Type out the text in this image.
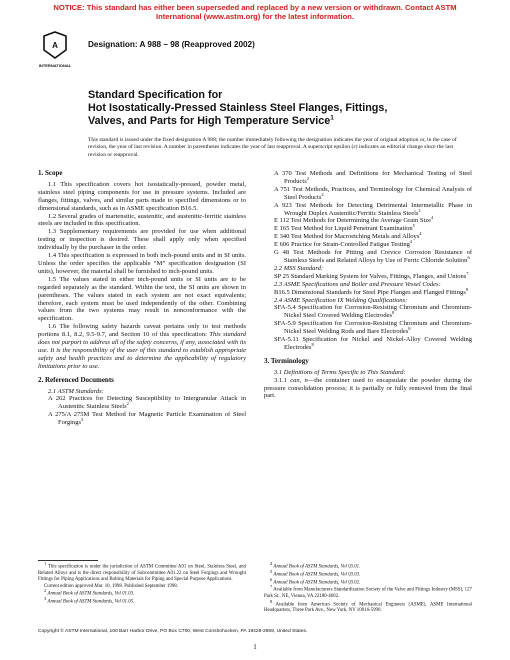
NOTICE: This standard has either been superseded and replaced by a new version or withdrawn. Contact ASTM
International (www.astm.org) for the latest information.
A
INTERNATIONAL
Designation: A 988 – 98 (Reapproved 2002)
Standard Specification for
Hot Isostatically-Pressed Stainless Steel Flanges, Fittings,
Valves, and Parts for High Temperature Service$^1$
This standard is issued under the fixed designation A 988; the number immediately following the designation indicates the year of original adoption or, in the case of revision, the year of last revision. A number in parentheses indicates the year of last reapproval. A superscript epsilon (ε) indicates an editorial change since the last revision or reapproval.

1. Scope

1.1 This specification covers hot isostatically-pressed, powder metal, stainless steel piping components for use in pressure systems. Included are flanges, fittings, valves, and similar parts made to specified dimensions or to dimensional standards, such as in ASME specification B16.5.

1.2 Several grades of martensitic, austenitic, and austenitic-ferritic stainless steels are included in this specification.

1.3 Supplementary requirements are provided for use when additional testing or inspection is desired. These shall apply only when specified individually by the purchaser in the order.

1.4 This specification is expressed in both inch-pound units and in SI units. Unless the order specifies the applicable “M” specification designation (SI units), however, the material shall be furnished to inch-pound units.

1.5 The values stated in either inch-pound units or SI units are to be regarded separately as the standard. Within the text, the SI units are shown in parentheses. The values stated in each system are not exact equivalents; therefore, each system must be used independently of the other. Combining values from the two systems may result in nonconformance with the specification.

1.6 The following safety hazards caveat pertains only to test methods portions 8.1, 8.2, 9.5-9.7, and Section 10 of this specification: This standard does not purport to address all of the safety concerns, if any, associated with its use. It is the responsibility of the user of this standard to establish appropriate safety and health practices and to determine the applicability of regulatory limitations prior to use.

2. Referenced Documents

2.1 ASTM Standards:

A 262 Practices for Detecting Susceptibility to Intergranular Attack in Austenitic Stainless Steels$^2$

A 275/A 275M Test Method for Magnetic Particle Examination of Steel Forgings$^3$

A 370 Test Methods and Definitions for Mechanical Testing of Steel Products$^2$

A 751 Test Methods, Practices, and Terminology for Chemical Analysis of Steel Products$^2$

A 923 Test Methods for Detecting Detrimental Intermetallic Phase in Wrought Duplex Austenitic/Ferritic Stainless Steels$^2$

E 112 Test Methods for Determining the Average Grain Size$^4$

E 165 Test Method for Liquid Penetrant Examination$^5$

E 340 Test Method for Macroetching Metals and Alloys$^4$

E 606 Practice for Strain-Controlled Fatigue Testing$^4$

G 48 Test Methods for Pitting and Crevice Corrosion Resistance of Stainless Steels and Related Alloys by Use of Ferric Chloride Solution$^6$

2.2 MSS Standard:

SP 25 Standard Marking System for Valves, Fittings, Flanges, and Unions$^7$

2.3 ASME Specifications and Boiler and Pressure Vessel Codes:

B16.5 Dimensional Standards for Steel Pipe Flanges and Flanged Fittings$^8$

2.4 ASME Specification IX Welding Qualifications:

SFA-5.4 Specification for Corrosion-Resisting Chromium and Chromium-Nickel Steel Covered Welding Electrodes$^8$

SFA-5.9 Specification for Corrosion-Resisting Chromium and Chromium-Nickel Steel Welding Rods and Bare Electrodes$^8$

SFA-5.11 Specification for Nickel and Nickel-Alloy Covered Welding Electrodes$^8$

3. Terminology

3.1 Definitions of Terms Specific to This Standard:

3.1.1 can, n—the container used to encapsulate the powder during the pressure consolidation process; it is partially or fully removed from the final part.

$^1$ This specification is under the jurisdiction of ASTM Committee A01 on Steel, Stainless Steel, and Related Alloys and is the direct responsibility of Subcommittee A01.22 on Steel Forgings and Wrought Fittings for Piping Applications and Bolting Materials for Piping and Special Purpose Applications.

Current edition approved Mar. 10, 1998. Published September 1998.

$^2$ Annual Book of ASTM Standards, Vol 01.03.

$^3$ Annual Book of ASTM Standards, Vol 01.05.

$^4$ Annual Book of ASTM Standards, Vol 03.01.

$^5$ Annual Book of ASTM Standards, Vol 03.03.

$^6$ Annual Book of ASTM Standards, Vol 03.02.

$^7$ Available from Manufacturers Standardization Society of the Valve and Fittings Industry (MSS), 127 Park St., NE, Vienna, VA 22180-4602.

$^8$ Available from American Society of Mechanical Engineers (ASME), ASME International Headquarters, Three Park Ave., New York, NY 10016-5990.

Copyright © ASTM International, 100 Barr Harbor Drive, PO Box C700, West Conshohocken, PA 19428-2959, United States.
1
